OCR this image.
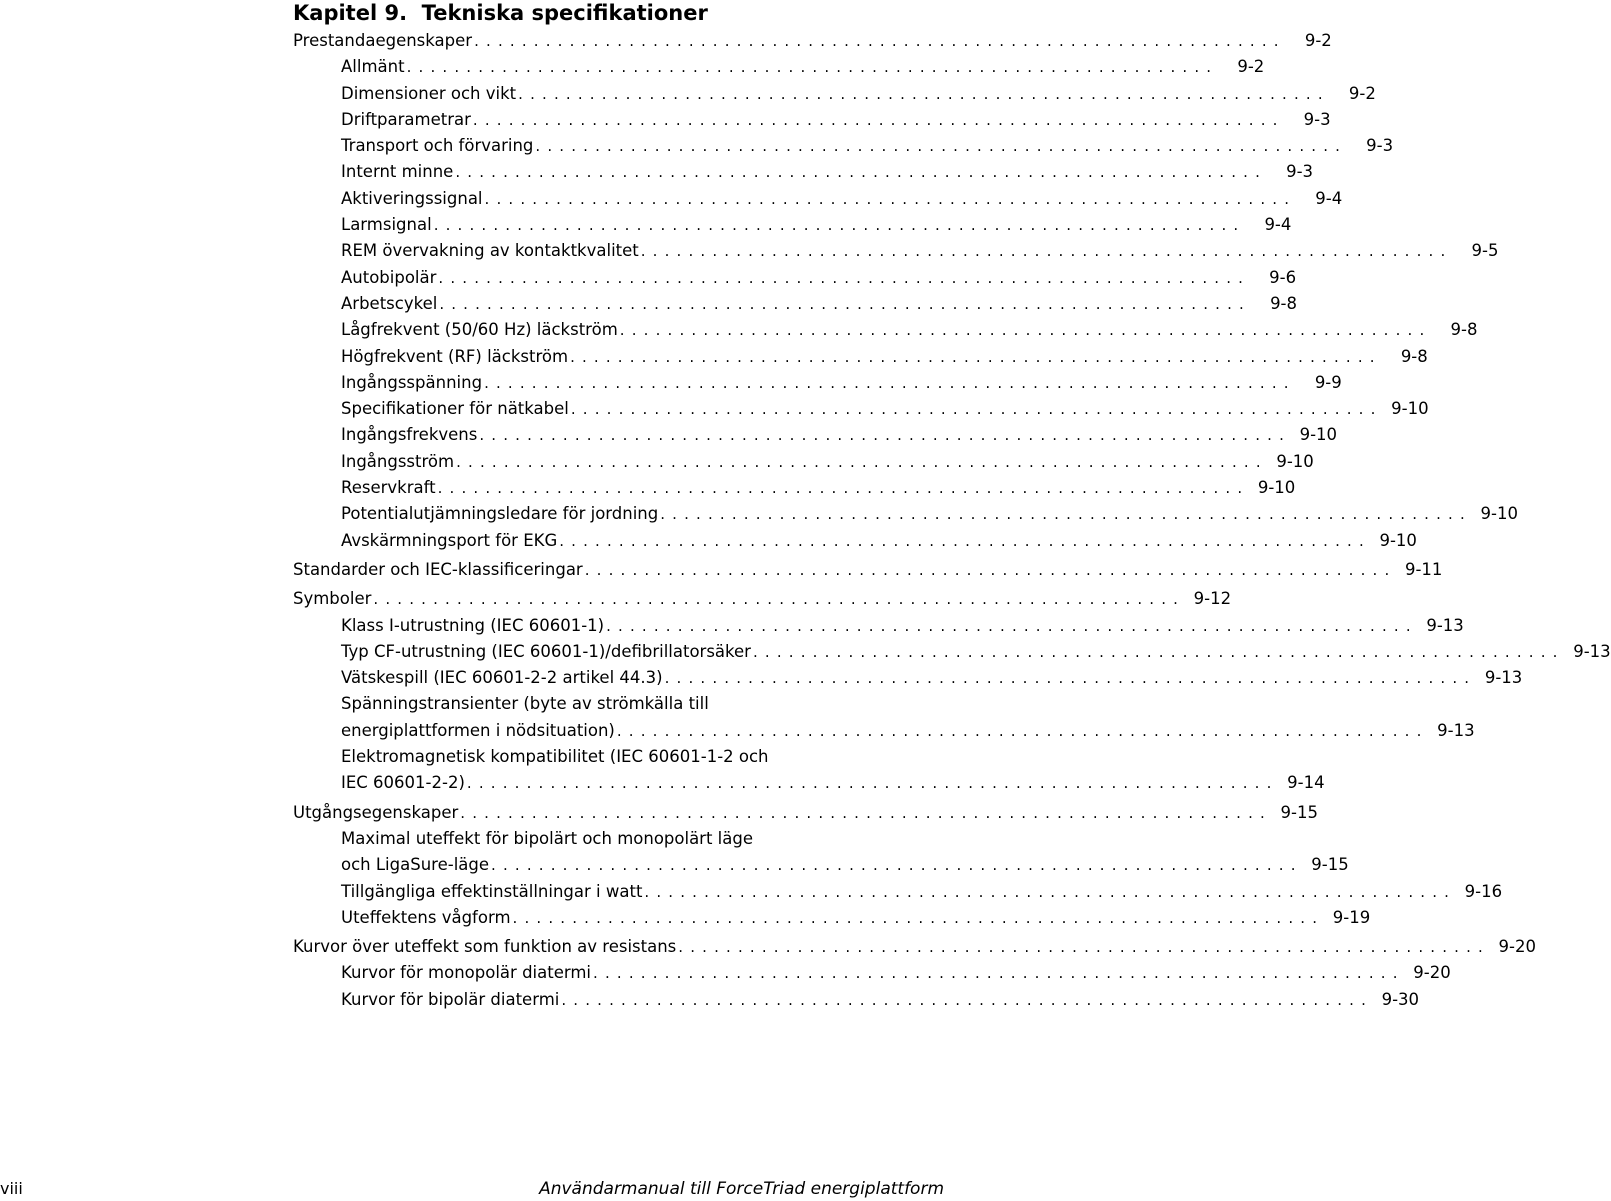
Kapitel 9.  Tekniska specifikationer
Prestandaegenskaper . . . . . . . . . . . . . . . . . . . . . . . . . . . . . . . . . . . . . . . . . . . . . . . . . . . . . . . . . . . . . . . . . . . .	9-2
Allmänt . . . . . . . . . . . . . . . . . . . . . . . . . . . . . . . . . . . . . . . . . . . . . . . . . . . . . . . . . . . . . . . . . . . .	9-2
Dimensioner och vikt . . . . . . . . . . . . . . . . . . . . . . . . . . . . . . . . . . . . . . . . . . . . . . . . . . . . . . . . . . . . . . . . . . . .	9-2
Driftparametrar . . . . . . . . . . . . . . . . . . . . . . . . . . . . . . . . . . . . . . . . . . . . . . . . . . . . . . . . . . . . . . . . . . . .	9-3
Transport och förvaring . . . . . . . . . . . . . . . . . . . . . . . . . . . . . . . . . . . . . . . . . . . . . . . . . . . . . . . . . . . . . . . . . . . .	9-3
Internt minne . . . . . . . . . . . . . . . . . . . . . . . . . . . . . . . . . . . . . . . . . . . . . . . . . . . . . . . . . . . . . . . . . . . .	9-3
Aktiveringssignal . . . . . . . . . . . . . . . . . . . . . . . . . . . . . . . . . . . . . . . . . . . . . . . . . . . . . . . . . . . . . . . . . . . .	9-4
Larmsignal . . . . . . . . . . . . . . . . . . . . . . . . . . . . . . . . . . . . . . . . . . . . . . . . . . . . . . . . . . . . . . . . . . . .	9-4
REM övervakning av kontaktkvalitet . . . . . . . . . . . . . . . . . . . . . . . . . . . . . . . . . . . . . . . . . . . . . . . . . . . . . . . . . . . . . . . . . . . .	9-5
Autobipolär . . . . . . . . . . . . . . . . . . . . . . . . . . . . . . . . . . . . . . . . . . . . . . . . . . . . . . . . . . . . . . . . . . . .	9-6
Arbetscykel . . . . . . . . . . . . . . . . . . . . . . . . . . . . . . . . . . . . . . . . . . . . . . . . . . . . . . . . . . . . . . . . . . . .	9-8
Lågfrekvent (50/60 Hz) läckström . . . . . . . . . . . . . . . . . . . . . . . . . . . . . . . . . . . . . . . . . . . . . . . . . . . . . . . . . . . . . . . . . . . .	9-8
Högfrekvent (RF) läckström . . . . . . . . . . . . . . . . . . . . . . . . . . . . . . . . . . . . . . . . . . . . . . . . . . . . . . . . . . . . . . . . . . . .	9-8
Ingångsspänning . . . . . . . . . . . . . . . . . . . . . . . . . . . . . . . . . . . . . . . . . . . . . . . . . . . . . . . . . . . . . . . . . . . .	9-9
Specifikationer för nätkabel . . . . . . . . . . . . . . . . . . . . . . . . . . . . . . . . . . . . . . . . . . . . . . . . . . . . . . . . . . . . . . . . . . . . 9-10
Ingångsfrekvens . . . . . . . . . . . . . . . . . . . . . . . . . . . . . . . . . . . . . . . . . . . . . . . . . . . . . . . . . . . . . . . . . . . . 9-10
Ingångsström . . . . . . . . . . . . . . . . . . . . . . . . . . . . . . . . . . . . . . . . . . . . . . . . . . . . . . . . . . . . . . . . . . . . 9-10
Reservkraft . . . . . . . . . . . . . . . . . . . . . . . . . . . . . . . . . . . . . . . . . . . . . . . . . . . . . . . . . . . . . . . . . . . . 9-10
Potentialutjämningsledare för jordning . . . . . . . . . . . . . . . . . . . . . . . . . . . . . . . . . . . . . . . . . . . . . . . . . . . . . . . . . . . . . . . . . . . . 9-10
Avskärmningsport för EKG . . . . . . . . . . . . . . . . . . . . . . . . . . . . . . . . . . . . . . . . . . . . . . . . . . . . . . . . . . . . . . . . . . . . 9-10
Standarder och IEC-klassificeringar . . . . . . . . . . . . . . . . . . . . . . . . . . . . . . . . . . . . . . . . . . . . . . . . . . . . . . . . . . . . . . . . . . . . 9-11
Symboler . . . . . . . . . . . . . . . . . . . . . . . . . . . . . . . . . . . . . . . . . . . . . . . . . . . . . . . . . . . . . . . . . . . . 9-12
Klass I-utrustning (IEC 60601-1) . . . . . . . . . . . . . . . . . . . . . . . . . . . . . . . . . . . . . . . . . . . . . . . . . . . . . . . . . . . . . . . . . . . . 9-13
Typ CF-utrustning (IEC 60601-1)/defibrillatorsäker . . . . . . . . . . . . . . . . . . . . . . . . . . . . . . . . . . . . . . . . . . . . . . . . . . . . . . . . . . . . . . . . . . . . 9-13
Vätskespill (IEC 60601-2-2 artikel 44.3) . . . . . . . . . . . . . . . . . . . . . . . . . . . . . . . . . . . . . . . . . . . . . . . . . . . . . . . . . . . . . . . . . . . . 9-13
Spänningstransienter (byte av strömkälla till
energiplattformen i nödsituation) . . . . . . . . . . . . . . . . . . . . . . . . . . . . . . . . . . . . . . . . . . . . . . . . . . . . . . . . . . . . . . . . . . . . 9-13
Elektromagnetisk kompatibilitet (IEC 60601-1-2 och
IEC 60601-2-2) . . . . . . . . . . . . . . . . . . . . . . . . . . . . . . . . . . . . . . . . . . . . . . . . . . . . . . . . . . . . . . . . . . . . 9-14
Utgångsegenskaper . . . . . . . . . . . . . . . . . . . . . . . . . . . . . . . . . . . . . . . . . . . . . . . . . . . . . . . . . . . . . . . . . . . . 9-15
Maximal uteffekt för bipolärt och monopolärt läge
och LigaSure-läge . . . . . . . . . . . . . . . . . . . . . . . . . . . . . . . . . . . . . . . . . . . . . . . . . . . . . . . . . . . . . . . . . . . . 9-15
Tillgängliga effektinställningar i watt . . . . . . . . . . . . . . . . . . . . . . . . . . . . . . . . . . . . . . . . . . . . . . . . . . . . . . . . . . . . . . . . . . . . 9-16
Uteffektens vågform . . . . . . . . . . . . . . . . . . . . . . . . . . . . . . . . . . . . . . . . . . . . . . . . . . . . . . . . . . . . . . . . . . . . 9-19
Kurvor över uteffekt som funktion av resistans . . . . . . . . . . . . . . . . . . . . . . . . . . . . . . . . . . . . . . . . . . . . . . . . . . . . . . . . . . . . . . . . . . . . 9-20
Kurvor för monopolär diatermi . . . . . . . . . . . . . . . . . . . . . . . . . . . . . . . . . . . . . . . . . . . . . . . . . . . . . . . . . . . . . . . . . . . . 9-20
Kurvor för bipolär diatermi . . . . . . . . . . . . . . . . . . . . . . . . . . . . . . . . . . . . . . . . . . . . . . . . . . . . . . . . . . . . . . . . . . . . 9-30
viii	Användarmanual till ForceTriad energiplattform
